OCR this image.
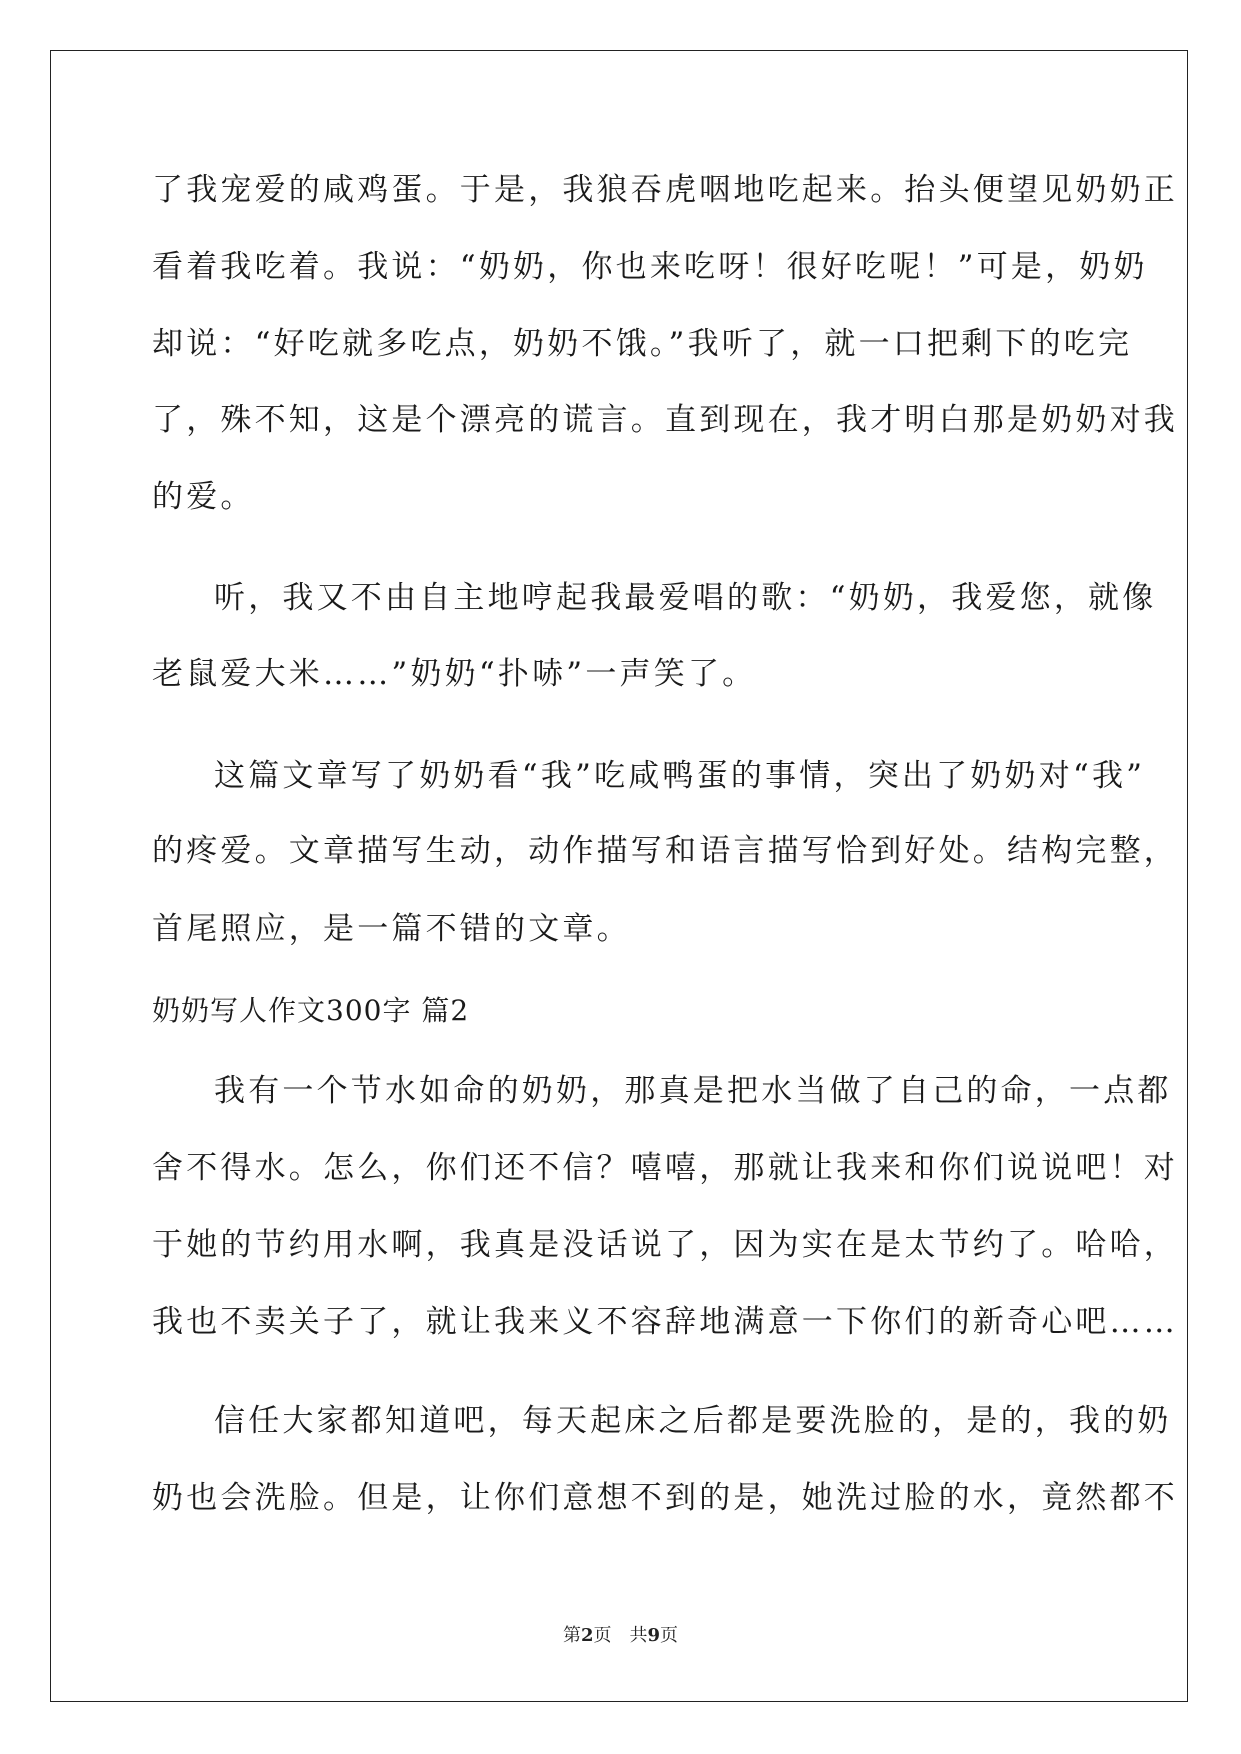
了我宠爱的咸鸡蛋。于是，我狼吞虎咽地吃起来。抬头便望见奶奶正
看着我吃着。我说：“奶奶，你也来吃呀！很好吃呢！”可是，奶奶
却说：“好吃就多吃点，奶奶不饿。”我听了，就一口把剩下的吃完
了，殊不知，这是个漂亮的谎言。直到现在，我才明白那是奶奶对我
的爱。
听，我又不由自主地哼起我最爱唱的歌：“奶奶，我爱您，就像
老鼠爱大米……”奶奶“扑哧”一声笑了。
这篇文章写了奶奶看“我”吃咸鸭蛋的事情，突出了奶奶对“我”
的疼爱。文章描写生动，动作描写和语言描写恰到好处。结构完整，
首尾照应，是一篇不错的文章。
奶奶写人作文300字 篇2
我有一个节水如命的奶奶，那真是把水当做了自己的命，一点都
舍不得水。怎么，你们还不信？嘻嘻，那就让我来和你们说说吧！对
于她的节约用水啊，我真是没话说了，因为实在是太节约了。哈哈，
我也不卖关子了，就让我来义不容辞地满意一下你们的新奇心吧……
信任大家都知道吧，每天起床之后都是要洗脸的，是的，我的奶
奶也会洗脸。但是，让你们意想不到的是，她洗过脸的水，竟然都不
第2页　共9页
